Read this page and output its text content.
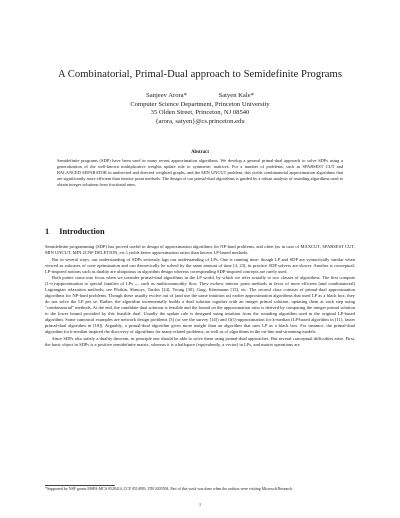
A Combinatorial, Primal-Dual approach to Semidefinite Programs
Sanjeev Arora*	Satyen Kale*
Computer Science Department, Princeton University
35 Olden Street, Princeton, NJ 08540
{arora, satyen}@cs.princeton.edu
Abstract
Semidefinite programs (SDP) have been used in many recent approximation algorithms. We develop a general primal-dual approach to solve SDPs using a generalization of the well-known multiplicative weights update rule to symmetric matrices. For a number of problems, such as SPARSEST CUT and BALANCED SEPARATOR in undirected and directed weighted graphs, and the MIN UNCUT problem, this yields combinatorial approximation algorithms that are significantly more efficient than interior point methods. The design of our primal-dual algorithms is guided by a robust analysis of rounding algorithms used to obtain integer solutions from fractional ones.
1 Introduction

Semidefinite programming (SDP) has proved useful in design of approximation algorithms for NP-hard problems, and often (as in case of MAXCUT, SPARSEST CUT, MIN UNCUT, MIN 2CNF DELETION, etc.) yields better approximation ratios than known LP-based methods.

But in several ways, our understanding of SDPs seriously lags our understanding of LPs. One is running time: though LP and SDP are syntactically similar when viewed as subcases of cone optimization and can theoretically be solved by the same amount of time [4, 23], in practice SDP solvers are slower. Another is conceptual: LP-inspired notions such as duality are ubiquitous in algorithm design whereas corresponding SDP-inspired concepts are rarely used.

Both points come into focus when we consider primal-dual algorithms in the LP world, by which we refer actually to two classes of algorithms. The first compute (1+ε)-approximation to special families of LPs — such as multicommodity flow. They eschew interior point methods in favor of more efficient (and combinatorial) Lagrangian relaxation methods; see Plotkin, Shmoys, Tardos [24], Young [30], Garg, Könemann [13], etc. The second class consists of primal-dual approximation algorithms for NP-hard problems. Though these usually evolve out of (and use the same intuition as) earlier approximation algorithms that used LP as a black box, they do not solve the LP per se. Rather, the algorithm incrementally builds a dual solution together with an integer primal solution, updating them at each step using "combinatorial" methods. At the end, the candidate dual solution is feasible and the bound on the approximation ratio is derived by computing the integer primal solution to the lower bound provided by this feasible dual. Usually the update rule is designed using intuition from the rounding algorithm used in the original LP-based algorithm. Some canonical examples are network design problems [3] (or see the survey [14]) and O(1)-approximation for k-median (LP-based algorithm in [11], faster primal-dual algorithm in [18]). Arguably, a primal-dual algorithm gives more insight than an algorithm that uses LP as a black box. For instance, the primal-dual algorithm for k-median inspired the discovery of algorithms for many related problems, as well as of algorithms in the on-line and streaming models.

Since SDPs also satisfy a duality theorem, in principle one should be able to solve them using primal-dual approaches. But several conceptual difficulties arise. First, the basic object in SDPs is a positive semidefinite matrix, whereas it is a halfspace (equivalently, a vector) in LPs, and matrix operations are

*Supported by NSF grants MSPA-MCS 0528414, CCF 0514993, ITR 0205594. Part of this work was done when the authors were visiting Microsoft Research.
1
